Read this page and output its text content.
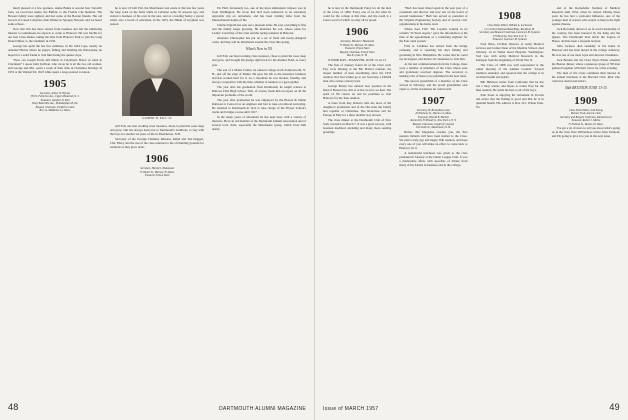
much pleased at a few gestures. Annie Banks is second best Travelin' Jana, we recovered Annie, the Buffalo to the Florida Cite hundred. The Bowers family were sighted, and met some of the Boston friends. The old Groves of Laurel Lafayette, their Dinner in Sprague Newark, and we heard some echoes.

Now that Jim has more retired from business and left the lumbering interest to Gruntnesen, he expects to come to Hanover. He was lurchis for our best Class dinner, taking his time from Hanover Park to join the Long Island Oliner, to the Glemmer in 1956.

George has spent the last few summers, in his 1924 Cape, nearby on Annabel Harbor where he enjoys, fishing and building his Wind-plane, he hoped for a solid friend to visit him during the quieter days.

"How can Joseph Fardy still blinds in Cincinnati. Honor of some in Cincinnati" I quote John Sullivan, who wrote he is all the two old women, and George and Mrs. spent a week of their time in Christmas holidays in 1955 at the Waldorf Dr. Wolf while spent a long-awaited vacation.

1905
Secretary, Arthur W. Hyman
556 N. Fullerton Ave., Upper Montclair, N. J.
Treasurer, Lambert D. Kirk
Stony Batesville Ave., Philadelphia 28, Pa.
Bequest Chairman, Frederick Clark
Box 14, Middleton 12, Mass.

he is now 10 Gill Fall, the Manchester real estate is this last few years the long work on the field, while in Lebanon some 52 seasons ago, and started a business of his own in the past, and as a leading Salary a grown small, also a board of education, in the 1953, the Hindu of Gryphon was passed.

GILBERT H. FALL '22

Gill Fall, our best working class treasurer, chose to plant his roses deep and grow. Gill has always been true to Dartmouth's traditions, to stay with the boys for another six years of life in Manchester, N.H.

Secretary of the Foreign Chamber Mission, Ralph and Ted Daggert, Chic Ellery and the rest of the class returned to the old hunting grounds for reunions as they grew older.

1906
Secretary, Harold J. Hammond
75 Winter St., Melrose 76, Mass.
Treasurer, Ernest Nash

Ed. Hall, fortunately too, one of the most enthusiastic helpers was in from Washington. He wrote that he'd been sentenced to an extremely enjoyable trip on retirement, and has been visiting folks from the Massachusetts homes of his.

Charles Ingram has sent out a pleasant letter. He says everything is fine and the family keeps growing. He mentions his son, whose plans for Ladies' Lawn Day of the class and the spring reunions in Hanover.

Alternate Christopher has put on a set of fresh and newly-designed cards, and they will be distributed around the Class this spring.

What's New in '05

Gill Fall, our hard working class treasurer, chose to plant his roses deep and grow, and brought his pledge right back for the Alumni Fund, as every year.

The son of a Maine farmer, he entered college from Somersworth, N. H., just off the edge of Maine. He gave his life to the insurance business and has worked hard for it. As a classmate he was modest, friendly, and always cooperative with his time, whether at reunion or a get-together.

The year after his graduation from Dartmouth, he taught science at Bellows Falls High School. This, of course, made him an expert on all the important problems of the world.

The year after graduation he was employed by the Boston & Maine Railroad at Concord as an engineer and had to take on railroad surveying. He returned to Dartmouth in 1911 to take charge of the Thayer School's tracks and bridges course until 1917.

In the many years of retirement he has kept busy with a variety of interests. He is an old member of the Dartmouth Alumni Association and of several local clubs, especially the Manchester group, which loves him dearly.

48	DARTMOUTH ALUMNI MAGAZINE

he is now in the Dartmouth Fund, for all the men of the Class of 1906. Every one of us did what he could for the college at this time, and the result is a Class record of which we may all be proud.

1906
Secretary, Harold J. Hammond
75 Winter St., Melrose 76, Mass.
Treasurer, Ernest Nash
Bequest Chairman, Ernest Nash
Box 8, Lyme, N. H.

JUNIOR DAY—HANOVER, JUNE 13-14, 15

The first of January found all of the Class well. Few were missing at the Bar Harbor reunion, the largest number of men assembling since the 1956 reunion. Our best wishes go to our Secretary, a faithful man who carries a heavy load.

George Emery has entered new pastures in the field of Boston law, still as active as ever, we hear. The spirit of '06 carries on and he promises to visit Hanover for the June reunion.

A letter from Ray Roberts tells the news of his daughter's graduation and of the fine time the family had together at Christmas. The Robertses sail for Europe in May for a three months' stay abroad.

The class dinner at the Dartmouth Club of New York was held on March 7. It was a great success, with fourteen members attending and many more sending greetings.

"Herb has been licked again in the past year of a consultant and director and now sits on the board of several businesses." Herb has served as president of the Virginia Engineering Society and of several civic organizations in his home town.

Where does Fitz? The Loyalist Journal in its column "In Years Agone," gave the information at the time of his appointment as a consulting engineer for the Erie canal system.

Fritz A. Laidman has retired from the bridge company, and is spending his days fishing and gardening in New Hampshire. He writes that he could not be happier, and invites all classmates to visit him.

At the last commencement from the College, there were a number of members of the Class whose sons and grandsons received degrees. The secretary is making a list of these to be published in the next issue.

The newest grandchild of a member of the Class arrived in February, and the proud grandfather sent cigars to all the classmates he could reach.

1907
Secretary, H. Richardson Lane
45 Pinckney St., Boston 14, Mass.
Treasurer, Harold B. Bartlett
Room 610, 39 Broad St., New York 4, N. Y.
Bequest Chairman, Joseph W. Gannon
104 South St., Manchester, N. H.

Before this Magazine reaches you, the first reunion bulletin will have been mailed to the Class. We plan a truly gay and happy 50th reunion, and hope every one of you will make an effort to come back to Hanover for it.

A testimonial luncheon was given to the class president in January at the Union League Club. It was a memorable affair, with speeches of tribute from many of his friends in business and in the college.

1908
Class Notes Editor, William A. Lockwood
c/o Central National Bank Bldg., Rockford, Ill.
Secretary and Bequest Chairman, Lawrence M. Symmes
173 Beverley, New York 9, N. Y.
Treasurer, Laurence M. Symmes

Fred Stiles, Civilian Director of Army Medical Services and former Dean of the Medical School, died February 14 in Walter Reed Hospital, Washington. Fred was with Army Medical Research in the Pentagon from the beginning of World War II.

The Class of 1908 was well represented at the winter meeting of the Alumni Council. Several members attended, and reported that the college is in excellent health and spirits.

Bill Hubbard writes from California that he has had a busy winter, and hopes to return East for the June reunion. He sends his best to all of the boys.

Paul Stone is enjoying his retirement in Florida and writes that the fishing is good and that he is in splendid health. His address is Box 221, Winter Park, Fla.

and of the Rockefeller Institute of Medical Research until 1954, when he retired. During those years he has had a profound influence, one of the younger men of science who stayed to help in the fight against disease.

Jack Bowdish, ahead of us in world leadership of the country, has been honored by the King and the Queen. The Dartmouth man holds the Legion of Honor, and has been a frequent lecturer.

John Jackson died suddenly at his home in Hanover and has been buried in the college cemetery. He was one of our most loyal and devoted classmates.

Jack Bolden and the Class News Editor attended the Boston dinner, where a generous group of '08 men gathered together with their wives for a fine evening.

The men of the Class continued their interest in the annual luncheon at the Harvard Club. Men who could not attend sent letters.

56th REUNION JUNE 13-15
1909
Class Notes Editor, Jack Ewing
Pioneer Trail, Aurora, Ohio
Secretary and Bequest Chairman, Richard Goss
Treasurer, Robert J. Mehne
75 Federal St., Boston 10, Mass.

I've got a lot of news to tell you about what's going on in the class. Pete Whittemore writes from Vermont, and I'm going to give it to you in the next issue.

Issue of MARCH 1957	49
